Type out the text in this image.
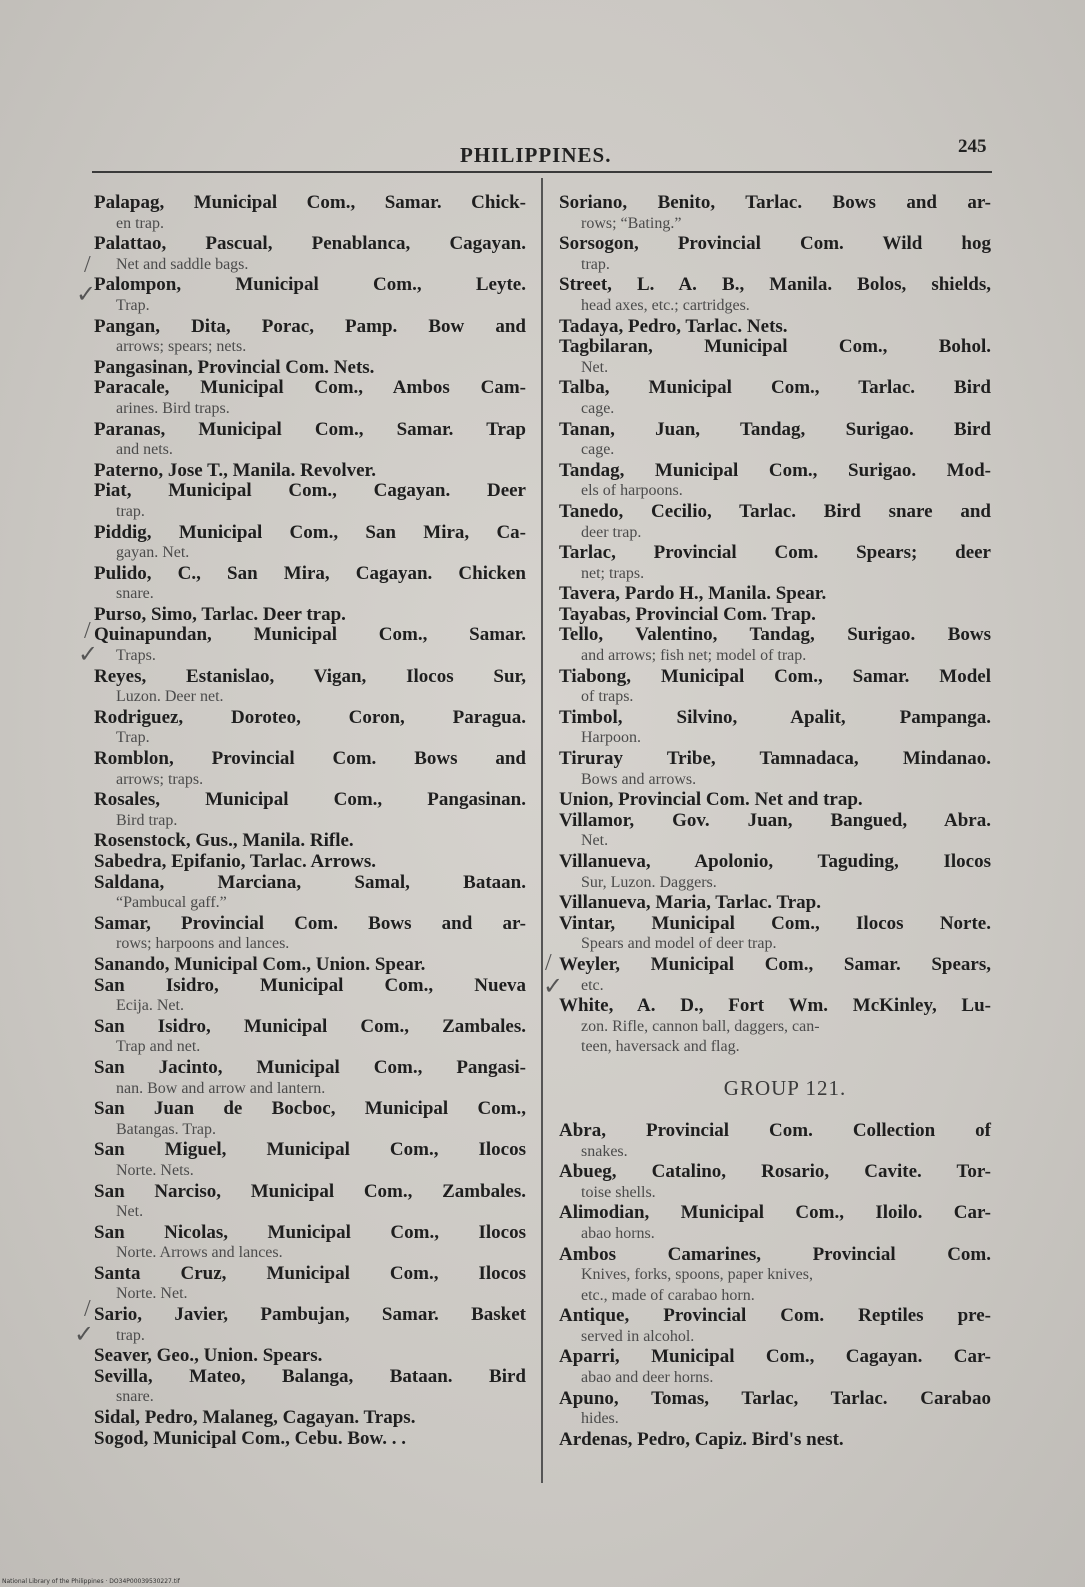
PHILIPPINES.	245
/
✓
/
✓
/
✓
/
✓
Palapag, Municipal Com., Samar. Chick-
en trap.
Palattao, Pascual, Penablanca, Cagayan.
Net and saddle bags.
Palompon, Municipal Com., Leyte.
Trap.
Pangan, Dita, Porac, Pamp. Bow and
arrows; spears; nets.
Pangasinan, Provincial Com. Nets.
Paracale, Municipal Com., Ambos Cam-
arines. Bird traps.
Paranas, Municipal Com., Samar. Trap
and nets.
Paterno, Jose T., Manila. Revolver.
Piat, Municipal Com., Cagayan. Deer
trap.
Piddig, Municipal Com., San Mira, Ca-
gayan. Net.
Pulido, C., San Mira, Cagayan. Chicken
snare.
Purso, Simo, Tarlac. Deer trap.
Quinapundan, Municipal Com., Samar.
Traps.
Reyes, Estanislao, Vigan, Ilocos Sur,
Luzon. Deer net.
Rodriguez, Doroteo, Coron, Paragua.
Trap.
Romblon, Provincial Com. Bows and
arrows; traps.
Rosales, Municipal Com., Pangasinan.
Bird trap.
Rosenstock, Gus., Manila. Rifle.
Sabedra, Epifanio, Tarlac. Arrows.
Saldana, Marciana, Samal, Bataan.
“Pambucal gaff.”
Samar, Provincial Com. Bows and ar-
rows; harpoons and lances.
Sanando, Municipal Com., Union. Spear.
San Isidro, Municipal Com., Nueva
Ecija. Net.
San Isidro, Municipal Com., Zambales.
Trap and net.
San Jacinto, Municipal Com., Pangasi-
nan. Bow and arrow and lantern.
San Juan de Bocboc, Municipal Com.,
Batangas. Trap.
San Miguel, Municipal Com., Ilocos
Norte. Nets.
San Narciso, Municipal Com., Zambales.
Net.
San Nicolas, Municipal Com., Ilocos
Norte. Arrows and lances.
Santa Cruz, Municipal Com., Ilocos
Norte. Net.
Sario, Javier, Pambujan, Samar. Basket
trap.
Seaver, Geo., Union. Spears.
Sevilla, Mateo, Balanga, Bataan. Bird
snare.
Sidal, Pedro, Malaneg, Cagayan. Traps.
Sogod, Municipal Com., Cebu. Bow. . .
Soriano, Benito, Tarlac. Bows and ar-
rows; “Bating.”
Sorsogon, Provincial Com. Wild hog
trap.
Street, L. A. B., Manila. Bolos, shields,
head axes, etc.; cartridges.
Tadaya, Pedro, Tarlac. Nets.
Tagbilaran, Municipal Com., Bohol.
Net.
Talba, Municipal Com., Tarlac. Bird
cage.
Tanan, Juan, Tandag, Surigao. Bird
cage.
Tandag, Municipal Com., Surigao. Mod-
els of harpoons.
Tanedo, Cecilio, Tarlac. Bird snare and
deer trap.
Tarlac, Provincial Com. Spears; deer
net; traps.
Tavera, Pardo H., Manila. Spear.
Tayabas, Provincial Com. Trap.
Tello, Valentino, Tandag, Surigao. Bows
and arrows; fish net; model of trap.
Tiabong, Municipal Com., Samar. Model
of traps.
Timbol, Silvino, Apalit, Pampanga.
Harpoon.
Tiruray Tribe, Tamnadaca, Mindanao.
Bows and arrows.
Union, Provincial Com. Net and trap.
Villamor, Gov. Juan, Bangued, Abra.
Net.
Villanueva, Apolonio, Taguding, Ilocos
Sur, Luzon. Daggers.
Villanueva, Maria, Tarlac. Trap.
Vintar, Municipal Com., Ilocos Norte.
Spears and model of deer trap.
Weyler, Municipal Com., Samar. Spears,
etc.
White, A. D., Fort Wm. McKinley, Lu-
zon. Rifle, cannon ball, daggers, can-
teen, haversack and flag.
GROUP 121.
Abra, Provincial Com. Collection of
snakes.
Abueg, Catalino, Rosario, Cavite. Tor-
toise shells.
Alimodian, Municipal Com., Iloilo. Car-
abao horns.
Ambos Camarines, Provincial Com.
Knives, forks, spoons, paper knives,
etc., made of carabao horn.
Antique, Provincial Com. Reptiles pre-
served in alcohol.
Aparri, Municipal Com., Cagayan. Car-
abao and deer horns.
Apuno, Tomas, Tarlac, Tarlac. Carabao
hides.
Ardenas, Pedro, Capiz. Bird's nest.
National Library of the Philippines · DO34P00039530227.tif
